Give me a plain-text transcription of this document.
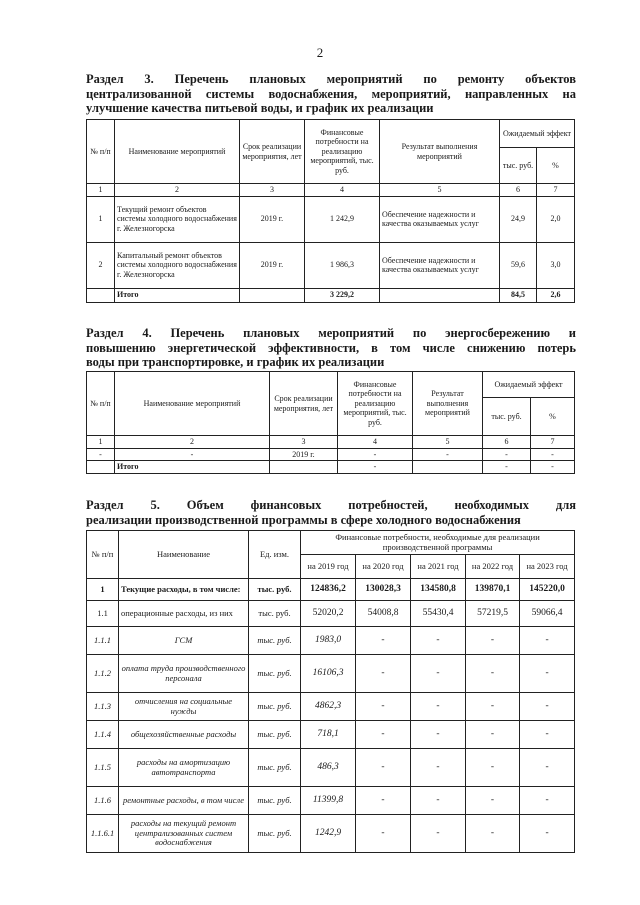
2
Раздел 3. Перечень плановых мероприятий по ремонту объектов
централизованной системы водоснабжения, мероприятий, направленных на
улучшение качества питьевой воды, и график их реализации
№ п/п	Наименование мероприятий	Срок реализации мероприятия, лет	Финансовые потребности на реализацию мероприятий, тыс. руб.	Результат выполнения мероприятий	Ожидаемый эффект	
					тыс. руб.	%
1	2	3	4	5	6	7
1	Текущий ремонт объектов системы холодного водоснабжения г. Железногорска	2019 г.	1 242,9	Обеспечение надежности и качества оказываемых услуг	24,9	2,0
2	Капитальный ремонт объектов системы холодного водоснабжения г. Железногорска	2019 г.	1 986,3	Обеспечение надежности и качества оказываемых услуг	59,6	3,0
	Итого		3 229,2		84,5	2,6
Раздел 4. Перечень плановых мероприятий по энергосбережению и
повышению энергетической эффективности, в том числе снижению потерь
воды при транспортировке, и график их реализации
№ п/п	Наименование мероприятий	Срок реализации мероприятия, лет	Финансовые потребности на реализацию мероприятий, тыс. руб.	Результат выполнения мероприятий	Ожидаемый эффект	
					тыс. руб.	%
1	2	3	4	5	6	7
-	-	2019 г.	-	-	-	-
	Итого		-		-	-
Раздел 5. Объем финансовых потребностей, необходимых для
реализации производственной программы в сфере холодного водоснабжения
№ п/п	Наименование	Ед. изм.	Финансовые потребности, необходимые для реализации производственной программы				
			на 2019 год	на 2020 год	на 2021 год	на 2022 год	на 2023 год
1	Текущие расходы, в том числе:	тыс. руб.	124836,2	130028,3	134580,8	139870,1	145220,0
1.1	операционные расходы, из них	тыс. руб.	52020,2	54008,8	55430,4	57219,5	59066,4
1.1.1	ГСМ	тыс. руб.	1983,0	-	-	-	-
1.1.2	оплата труда производственного персонала	тыс. руб.	16106,3	-	-	-	-
1.1.3	отчисления на социальные нужды	тыс. руб.	4862,3	-	-	-	-
1.1.4	общехозяйственные расходы	тыс. руб.	718,1	-	-	-	-
1.1.5	расходы на амортизацию автотранспорта	тыс. руб.	486,3	-	-	-	-
1.1.6	ремонтные расходы, в том числе	тыс. руб.	11399,8	-	-	-	-
1.1.6.1	расходы на текущий ремонт централизованных систем водоснабжения	тыс. руб.	1242,9	-	-	-	-
